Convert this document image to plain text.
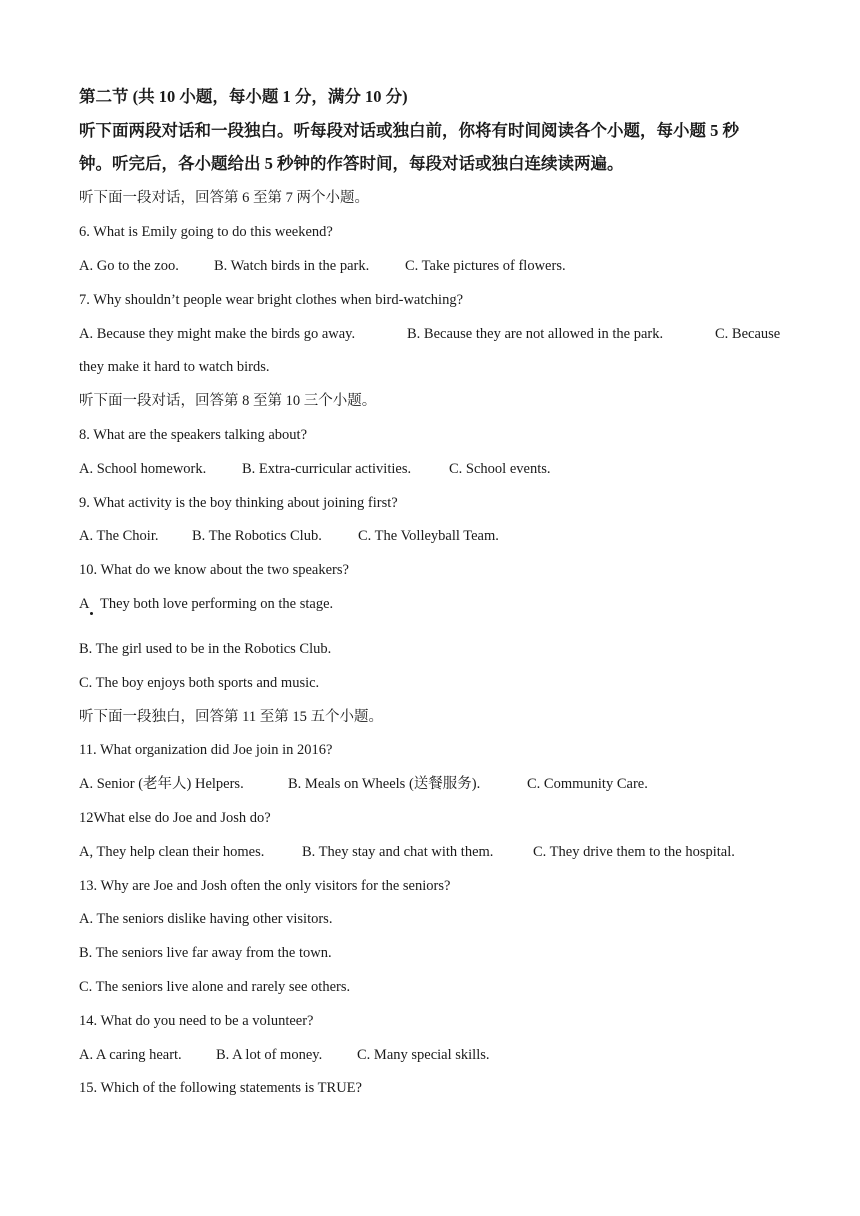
第二节 (共 10 小题，每小题 1 分，满分 10 分)
听下面两段对话和一段独白。听每段对话或独白前，你将有时间阅读各个小题，每小题 5 秒
钟。听完后，各小题给出 5 秒钟的作答时间，每段对话或独白连续读两遍。
听下面一段对话，回答第 6 至第 7 两个小题。
6. What is Emily going to do this weekend?
A. Go to the zoo. B. Watch birds in the park. C. Take pictures of flowers.
7. Why shouldn’t people wear bright clothes when bird-watching?
A. Because they might make the birds go away.	B. Because they are not allowed in the park.	C. Because
they make it hard to watch birds.
听下面一段对话，回答第 8 至第 10 三个小题。
8. What are the speakers talking about?
A. School homework. B. Extra-curricular activities.	C. School events.
9. What activity is the boy thinking about joining first?
A. The Choir. B. The Robotics Club. C. The Volleyball Team.
10. What do we know about the two speakers?
A They both love performing on the stage.
B. The girl used to be in the Robotics Club.
C. The boy enjoys both sports and music.
听下面一段独白，回答第 11 至第 15 五个小题。
11. What organization did Joe join in 2016?
A. Senior (老年人) Helpers.	B. Meals on Wheels (送餐服务).	C. Community Care.
12What else do Joe and Josh do?
A, They help clean their homes.	B. They stay and chat with them.	C. They drive them to the hospital.
13. Why are Joe and Josh often the only visitors for the seniors?
A. The seniors dislike having other visitors.
B. The seniors live far away from the town.
C. The seniors live alone and rarely see others.
14. What do you need to be a volunteer?
A. A caring heart. B. A lot of money. C. Many special skills.
15. Which of the following statements is TRUE?
